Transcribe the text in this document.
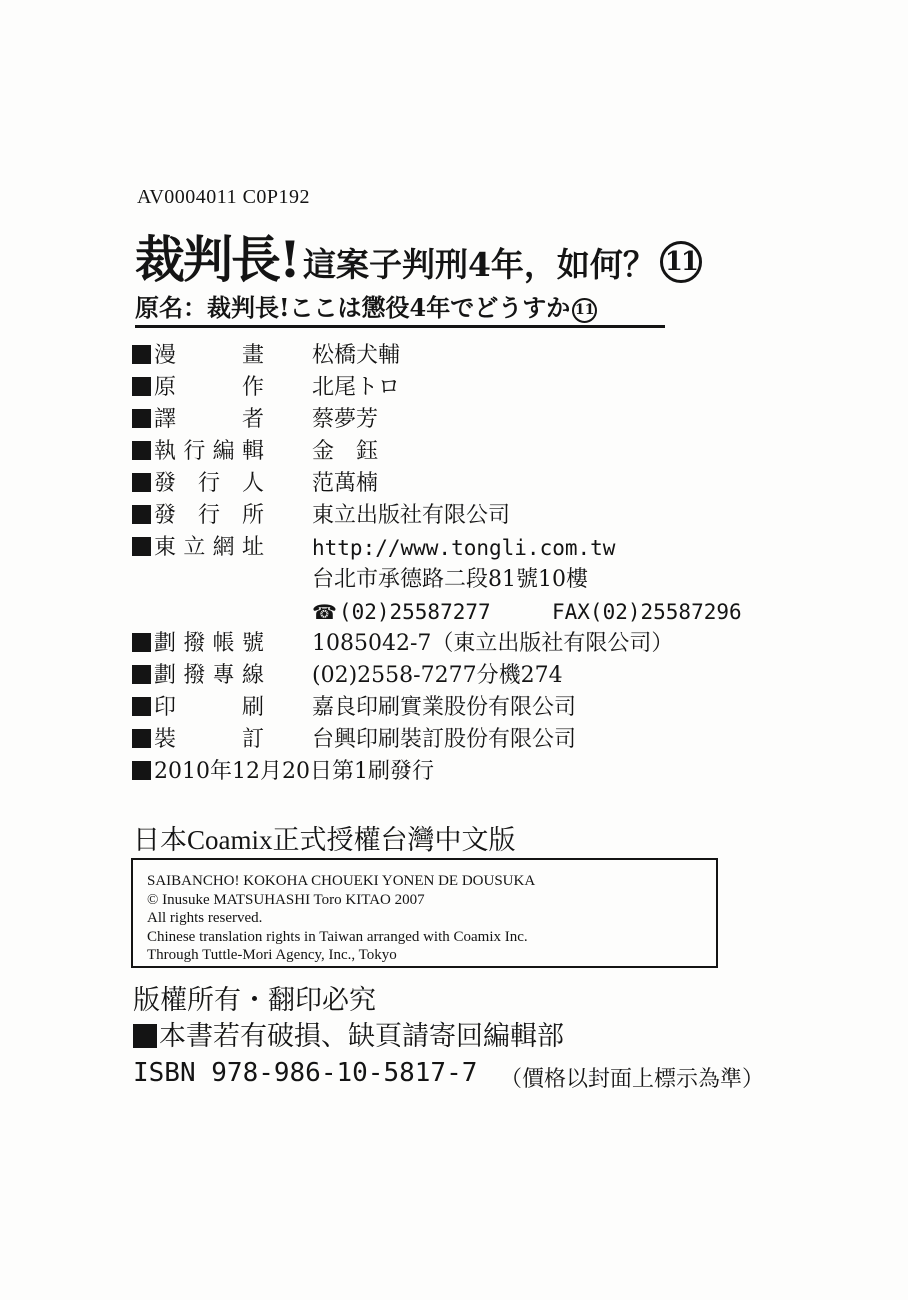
AV0004011 C0P192
裁判長! 這案子判刑4年，如何？ 11
原名：裁判長!ここは懲役4年でどうすか 11
漫　畫 松橋犬輔
原　作 北尾トロ
譯　者 蔡夢芳
執行編輯 金　鈺
發行人 范萬楠
發行所 東立出版社有限公司
東立網址 http://www.tongli.com.tw
台北市承德路二段81號10樓
☎(02)25587277	FAX(02)25587296
劃撥帳號 1085042-7（東立出版社有限公司）
劃撥專線 (02)2558-7277分機274
印　刷 嘉良印刷實業股份有限公司
裝　訂 台興印刷裝訂股份有限公司
2010年12月20日第1刷發行
日本Coamix正式授權台灣中文版
SAIBANCHO! KOKOHA CHOUEKI YONEN DE DOUSUKA
© Inusuke MATSUHASHI Toro KITAO 2007
All rights reserved.
Chinese translation rights in Taiwan arranged with Coamix Inc.
Through Tuttle-Mori Agency, Inc., Tokyo
版權所有・翻印必究
本書若有破損、缺頁請寄回編輯部
ISBN 978-986-10-5817-7 （價格以封面上標示為準）
